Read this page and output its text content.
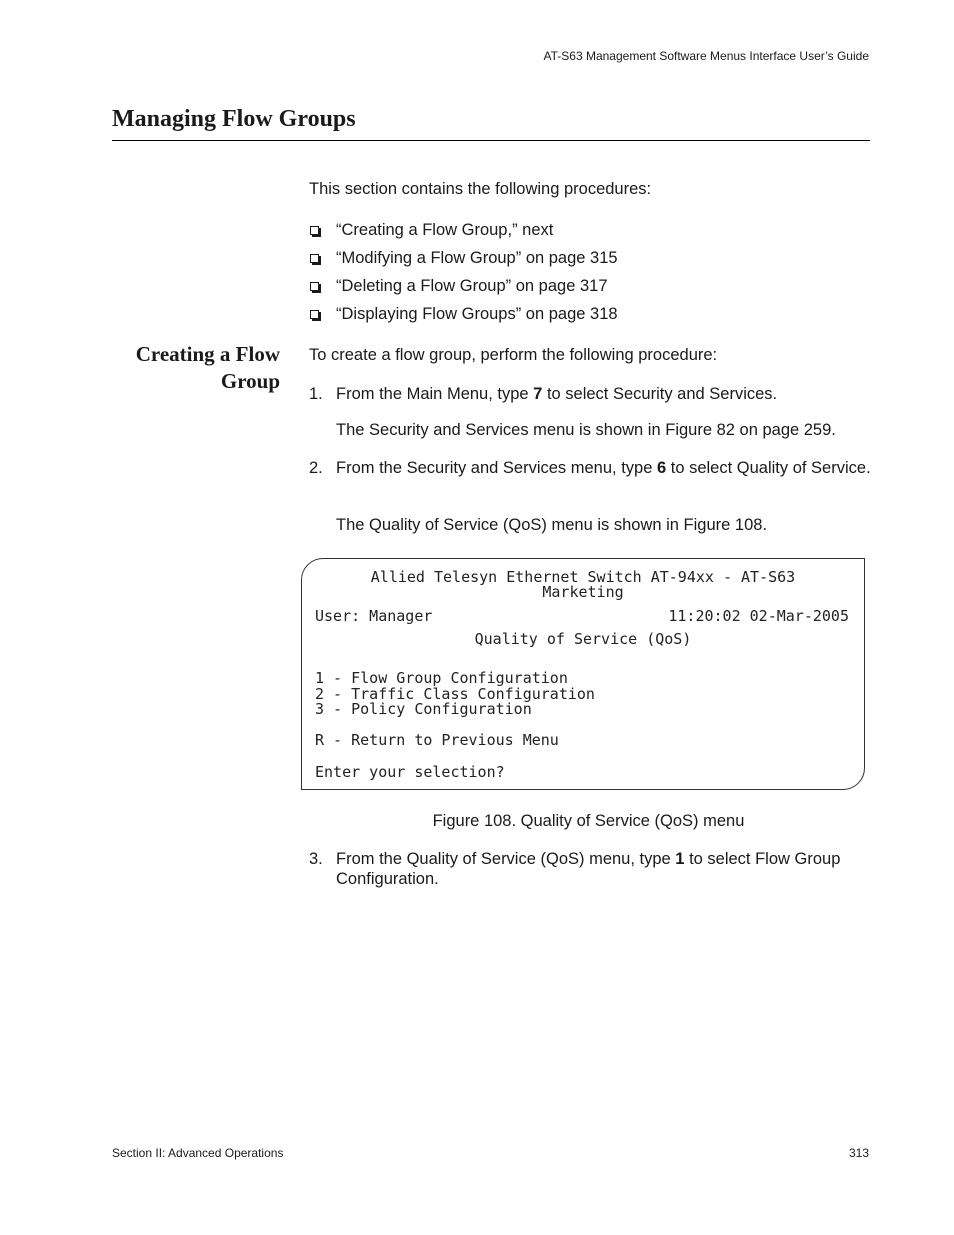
AT-S63 Management Software Menus Interface User’s Guide
Managing Flow Groups
This section contains the following procedures:
“Creating a Flow Group,” next
“Modifying a Flow Group” on page 315
“Deleting a Flow Group” on page 317
“Displaying Flow Groups” on page 318
Creating a Flow
Group
To create a flow group, perform the following procedure:
1. From the Main Menu, type 7 to select Security and Services.
The Security and Services menu is shown in Figure 82 on page 259.
2. From the Security and Services menu, type 6 to select Quality of Service.
The Quality of Service (QoS) menu is shown in Figure 108.
Allied Telesyn Ethernet Switch AT-94xx - AT-S63
Marketing
User: Manager	11:20:02 02-Mar-2005
Quality of Service (QoS)
1 - Flow Group Configuration
2 - Traffic Class Configuration
3 - Policy Configuration
R - Return to Previous Menu
Enter your selection?
Figure 108. Quality of Service (QoS) menu
3. From the Quality of Service (QoS) menu, type 1 to select Flow Group Configuration.
Section II: Advanced Operations	313
